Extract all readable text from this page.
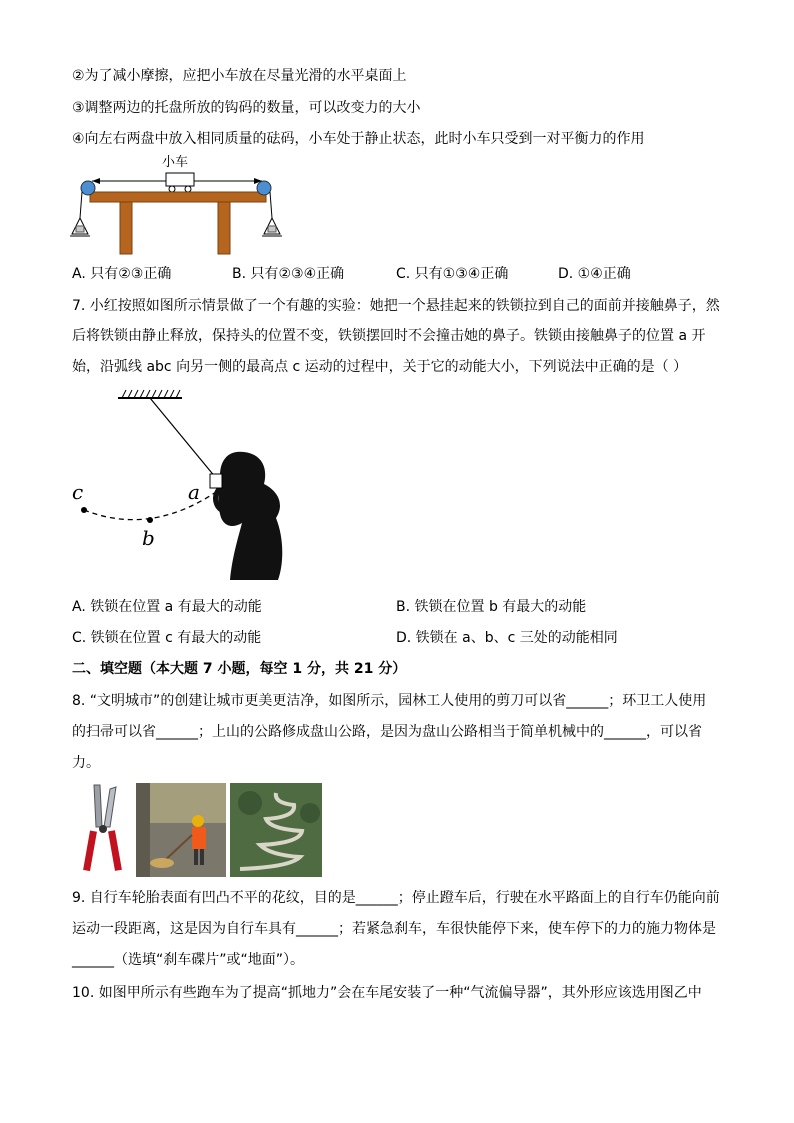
②为了减小摩擦，应把小车放在尽量光滑的水平桌面上
③调整两边的托盘所放的钩码的数量，可以改变力的大小
④向左右两盘中放入相同质量的砝码，小车处于静止状态，此时小车只受到一对平衡力的作用
小车
A. 只有②③正确	B. 只有②③④正确	C. 只有①③④正确	D. ①④正确
7. 小红按照如图所示情景做了一个有趣的实验：她把一个悬挂起来的铁锁拉到自己的面前并接触鼻子，然
后将铁锁由静止释放，保持头的位置不变，铁锁摆回时不会撞击她的鼻子。铁锁由接触鼻子的位置 a 开
始，沿弧线 abc 向另一侧的最高点 c 运动的过程中，关于它的动能大小，下列说法中正确的是（ ）
c
b
a
A. 铁锁在位置 a 有最大的动能	B. 铁锁在位置 b 有最大的动能
C. 铁锁在位置 c 有最大的动能	D. 铁锁在 a、b、c 三处的动能相同
二、填空题（本大题 7 小题，每空 1 分，共 21 分）
8. “文明城市”的创建让城市更美更洁净，如图所示，园林工人使用的剪刀可以省______；环卫工人使用
的扫帚可以省______；上山的公路修成盘山公路，是因为盘山公路相当于简单机械中的______，可以省
力。
9. 自行车轮胎表面有凹凸不平的花纹，目的是______；停止蹬车后，行驶在水平路面上的自行车仍能向前
运动一段距离，这是因为自行车具有______；若紧急刹车，车很快能停下来，使车停下的力的施力物体是
______（选填“刹车碟片”或“地面”）。
10. 如图甲所示有些跑车为了提高“抓地力”会在车尾安装了一种“气流偏导器”，其外形应该选用图乙中
